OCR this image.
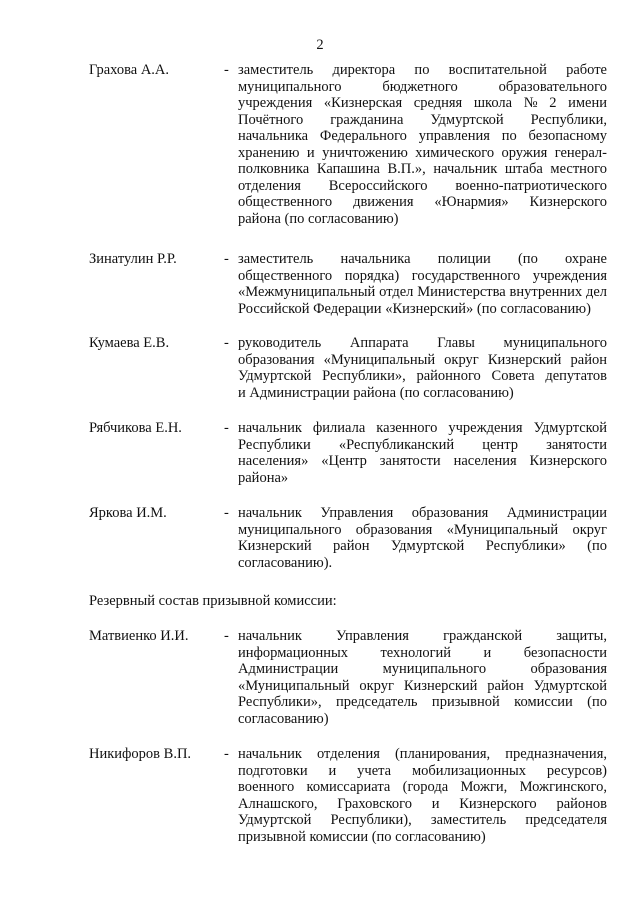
2
Грахова А.А.	- заместитель директора по воспитательной работе
муниципального бюджетного образовательного
учреждения «Кизнерская средняя школа № 2 имени
Почётного гражданина Удмуртской Республики,
начальника Федерального управления по безопасному
хранению и уничтожению химического оружия генерал-
полковника Капашина В.П.», начальник штаба местного
отделения Всероссийского военно-патриотического
общественного движения «Юнармия» Кизнерского
района (по согласованию)
Зинатулин Р.Р.	- заместитель начальника полиции (по охране
общественного порядка) государственного учреждения
«Межмуниципальный отдел Министерства внутренних дел
Российской Федерации «Кизнерский» (по согласованию)
Кумаева Е.В.	- руководитель Аппарата Главы муниципального
образования «Муниципальный округ Кизнерский район
Удмуртской Республики», районного Совета депутатов
и Администрации района (по согласованию)
Рябчикова Е.Н.	- начальник филиала казенного учреждения Удмуртской
Республики «Республиканский центр занятости
населения» «Центр занятости населения Кизнерского
района»
Яркова И.М.	- начальник Управления образования Администрации
муниципального образования «Муниципальный округ
Кизнерский район Удмуртской Республики» (по
согласованию).
Резервный состав призывной комиссии:
Матвиенко И.И. - начальник Управления гражданской защиты,
информационных технологий и безопасности
Администрации муниципального образования
«Муниципальный округ Кизнерский район Удмуртской
Республики», председатель призывной комиссии (по
согласованию)
Никифоров В.П. - начальник отделения (планирования, предназначения,
подготовки и учета мобилизационных ресурсов)
военного комиссариата (города Можги, Можгинского,
Алнашского, Граховского и Кизнерского районов
Удмуртской Республики), заместитель председателя
призывной комиссии (по согласованию)
